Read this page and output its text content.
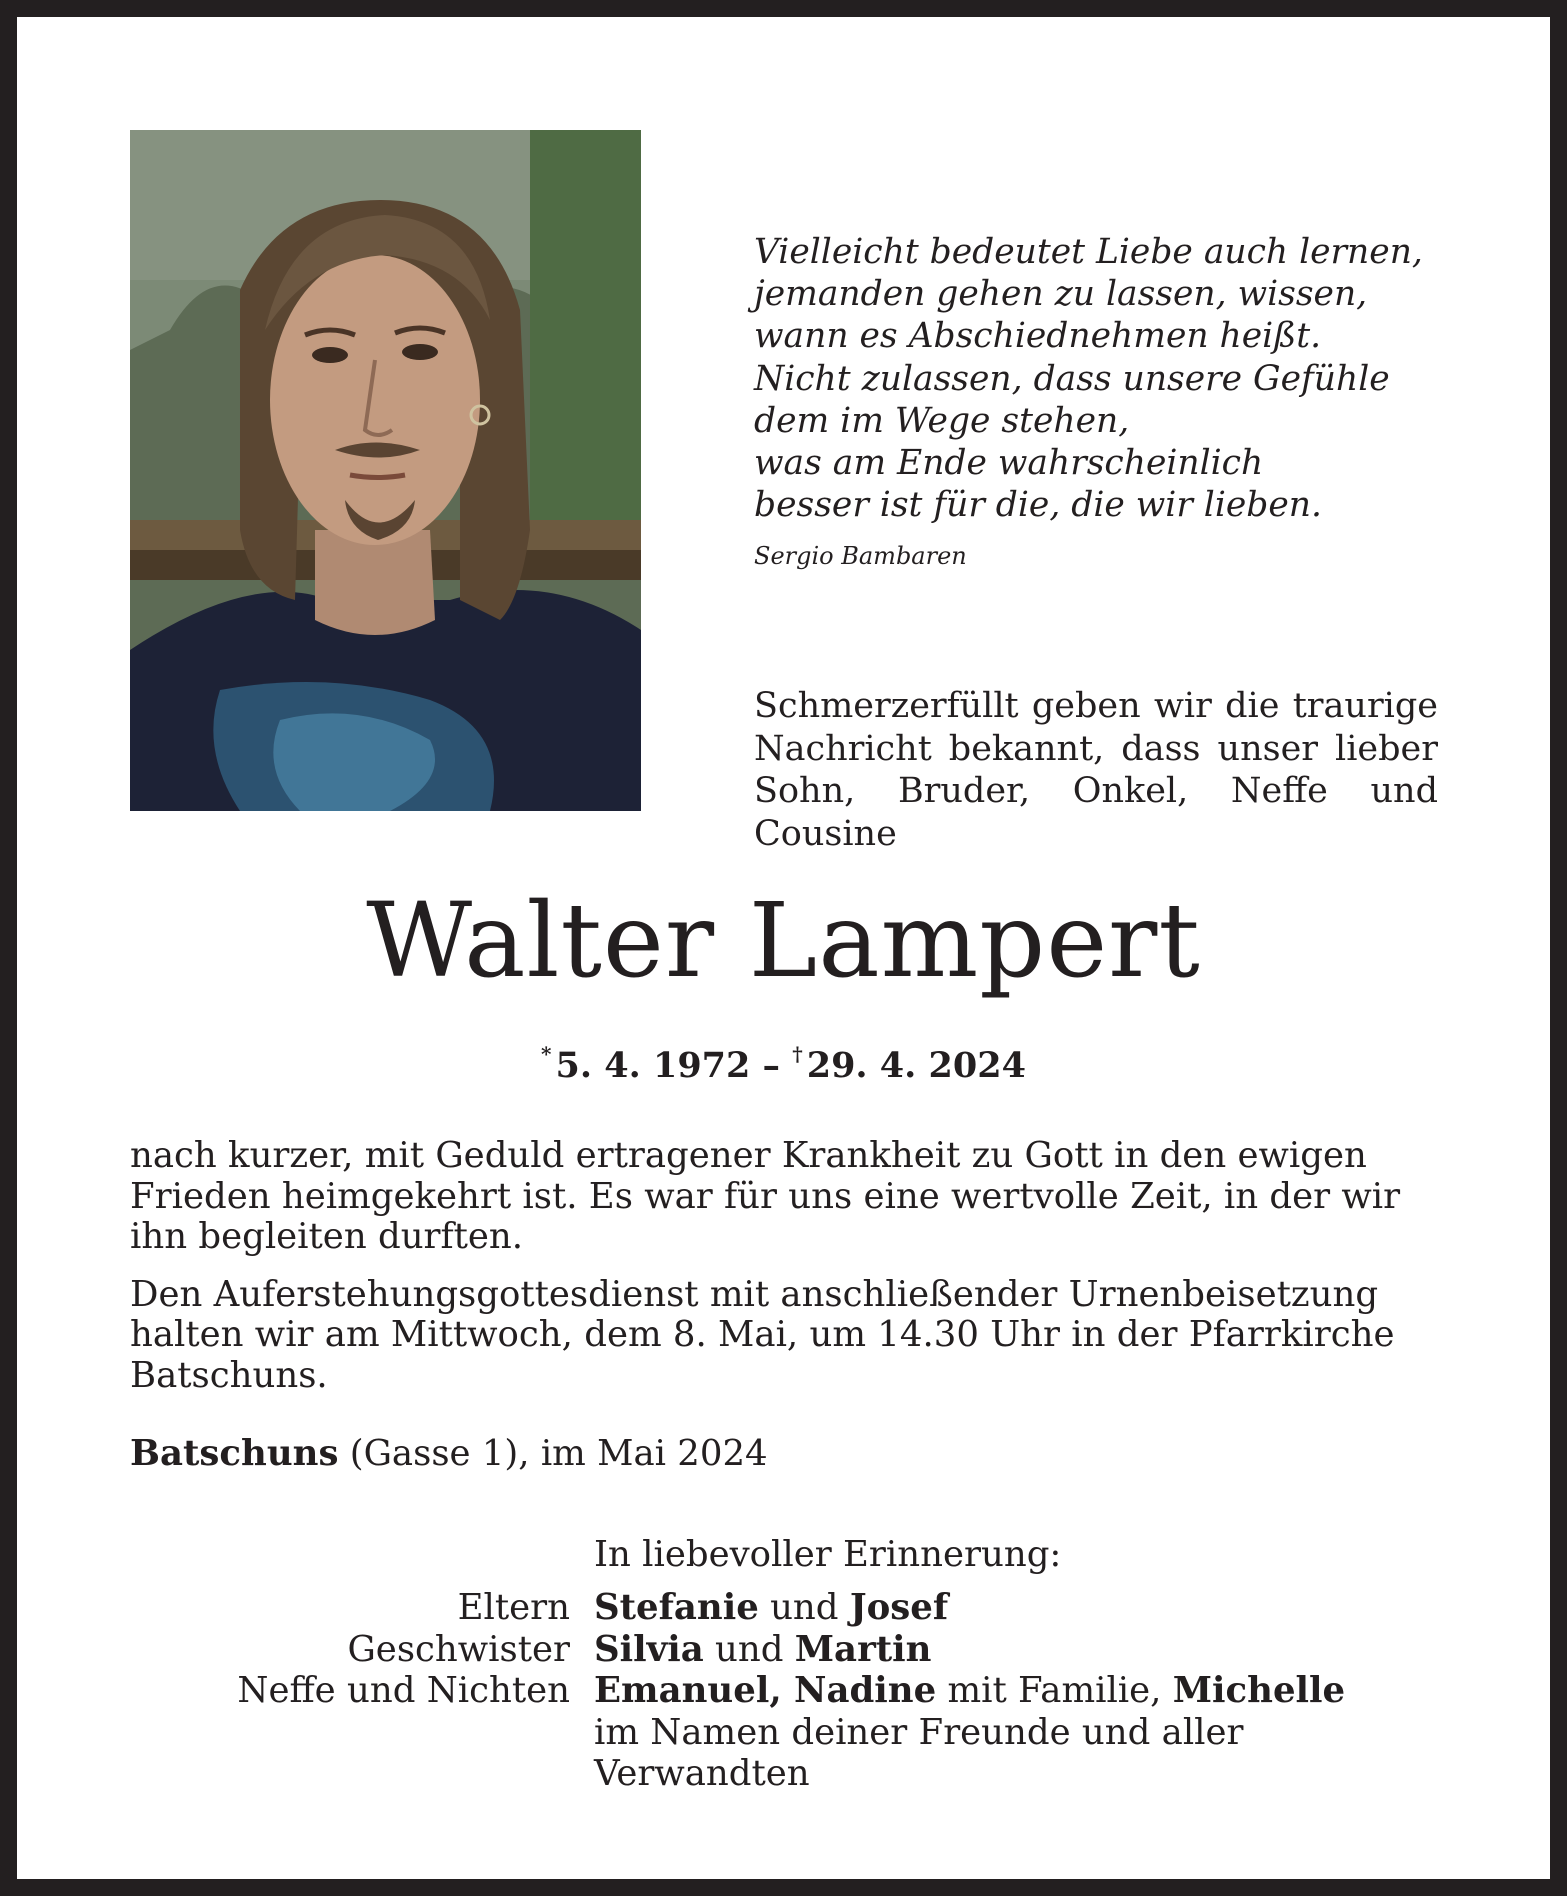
Vielleicht bedeutet Liebe auch lernen,
jemanden gehen zu lassen, wissen,
wann es Abschiednehmen heißt.
Nicht zulassen, dass unsere Gefühle
dem im Wege stehen,
was am Ende wahrscheinlich
besser ist für die, die wir lieben.
Sergio Bambaren
Schmerzerfüllt geben wir die traurige
Nachricht bekannt, dass unser lieber
Sohn, Bruder, Onkel, Neffe und Cousine
Walter Lampert
* 5. 4. 1972 – † 29. 4. 2024

nach kurzer, mit Geduld ertragener Krankheit zu Gott in den ewigen Frieden heimgekehrt ist. Es war für uns eine wertvolle Zeit, in der wir ihn begleiten durften.

Den Auferstehungsgottesdienst mit anschließender Urnenbeisetzung halten wir am Mittwoch, dem 8. Mai, um 14.30 Uhr in der Pfarrkirche Batschuns.

Batschuns (Gasse 1), im Mai 2024
In liebevoller Erinnerung:
Eltern Stefanie und Josef
Geschwister Silvia und Martin
Neffe und Nichten Emanuel, Nadine mit Familie, Michelle
im Namen deiner Freunde und aller Verwandten
